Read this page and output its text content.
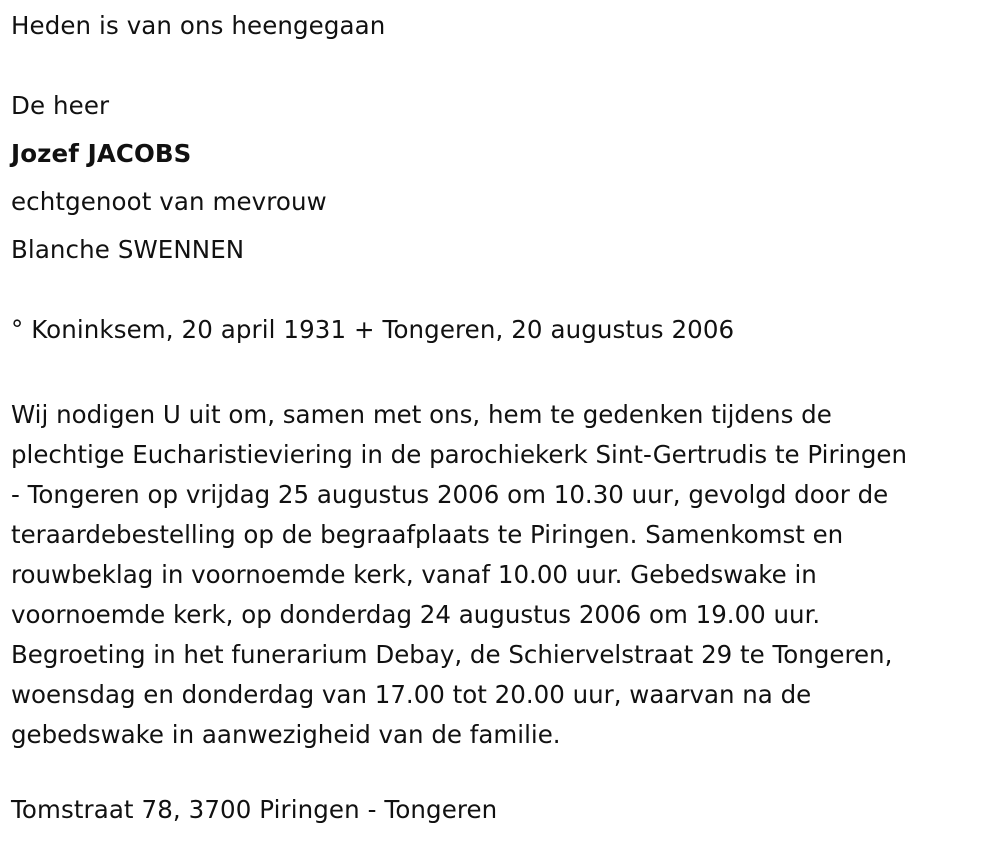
Heden is van ons heengegaan

De heer

Jozef JACOBS

echtgenoot van mevrouw

Blanche SWENNEN

° Koninksem, 20 april 1931 + Tongeren, 20 augustus 2006

Wij nodigen U uit om, samen met ons, hem te gedenken tijdens de
plechtige Eucharistieviering in de parochiekerk Sint-Gertrudis te Piringen
- Tongeren op vrijdag 25 augustus 2006 om 10.30 uur, gevolgd door de
teraardebestelling op de begraafplaats te Piringen. Samenkomst en
rouwbeklag in voornoemde kerk, vanaf 10.00 uur. Gebedswake in
voornoemde kerk, op donderdag 24 augustus 2006 om 19.00 uur.
Begroeting in het funerarium Debay, de Schiervelstraat 29 te Tongeren,
woensdag en donderdag van 17.00 tot 20.00 uur, waarvan na de
gebedswake in aanwezigheid van de familie.

Tomstraat 78, 3700 Piringen - Tongeren
